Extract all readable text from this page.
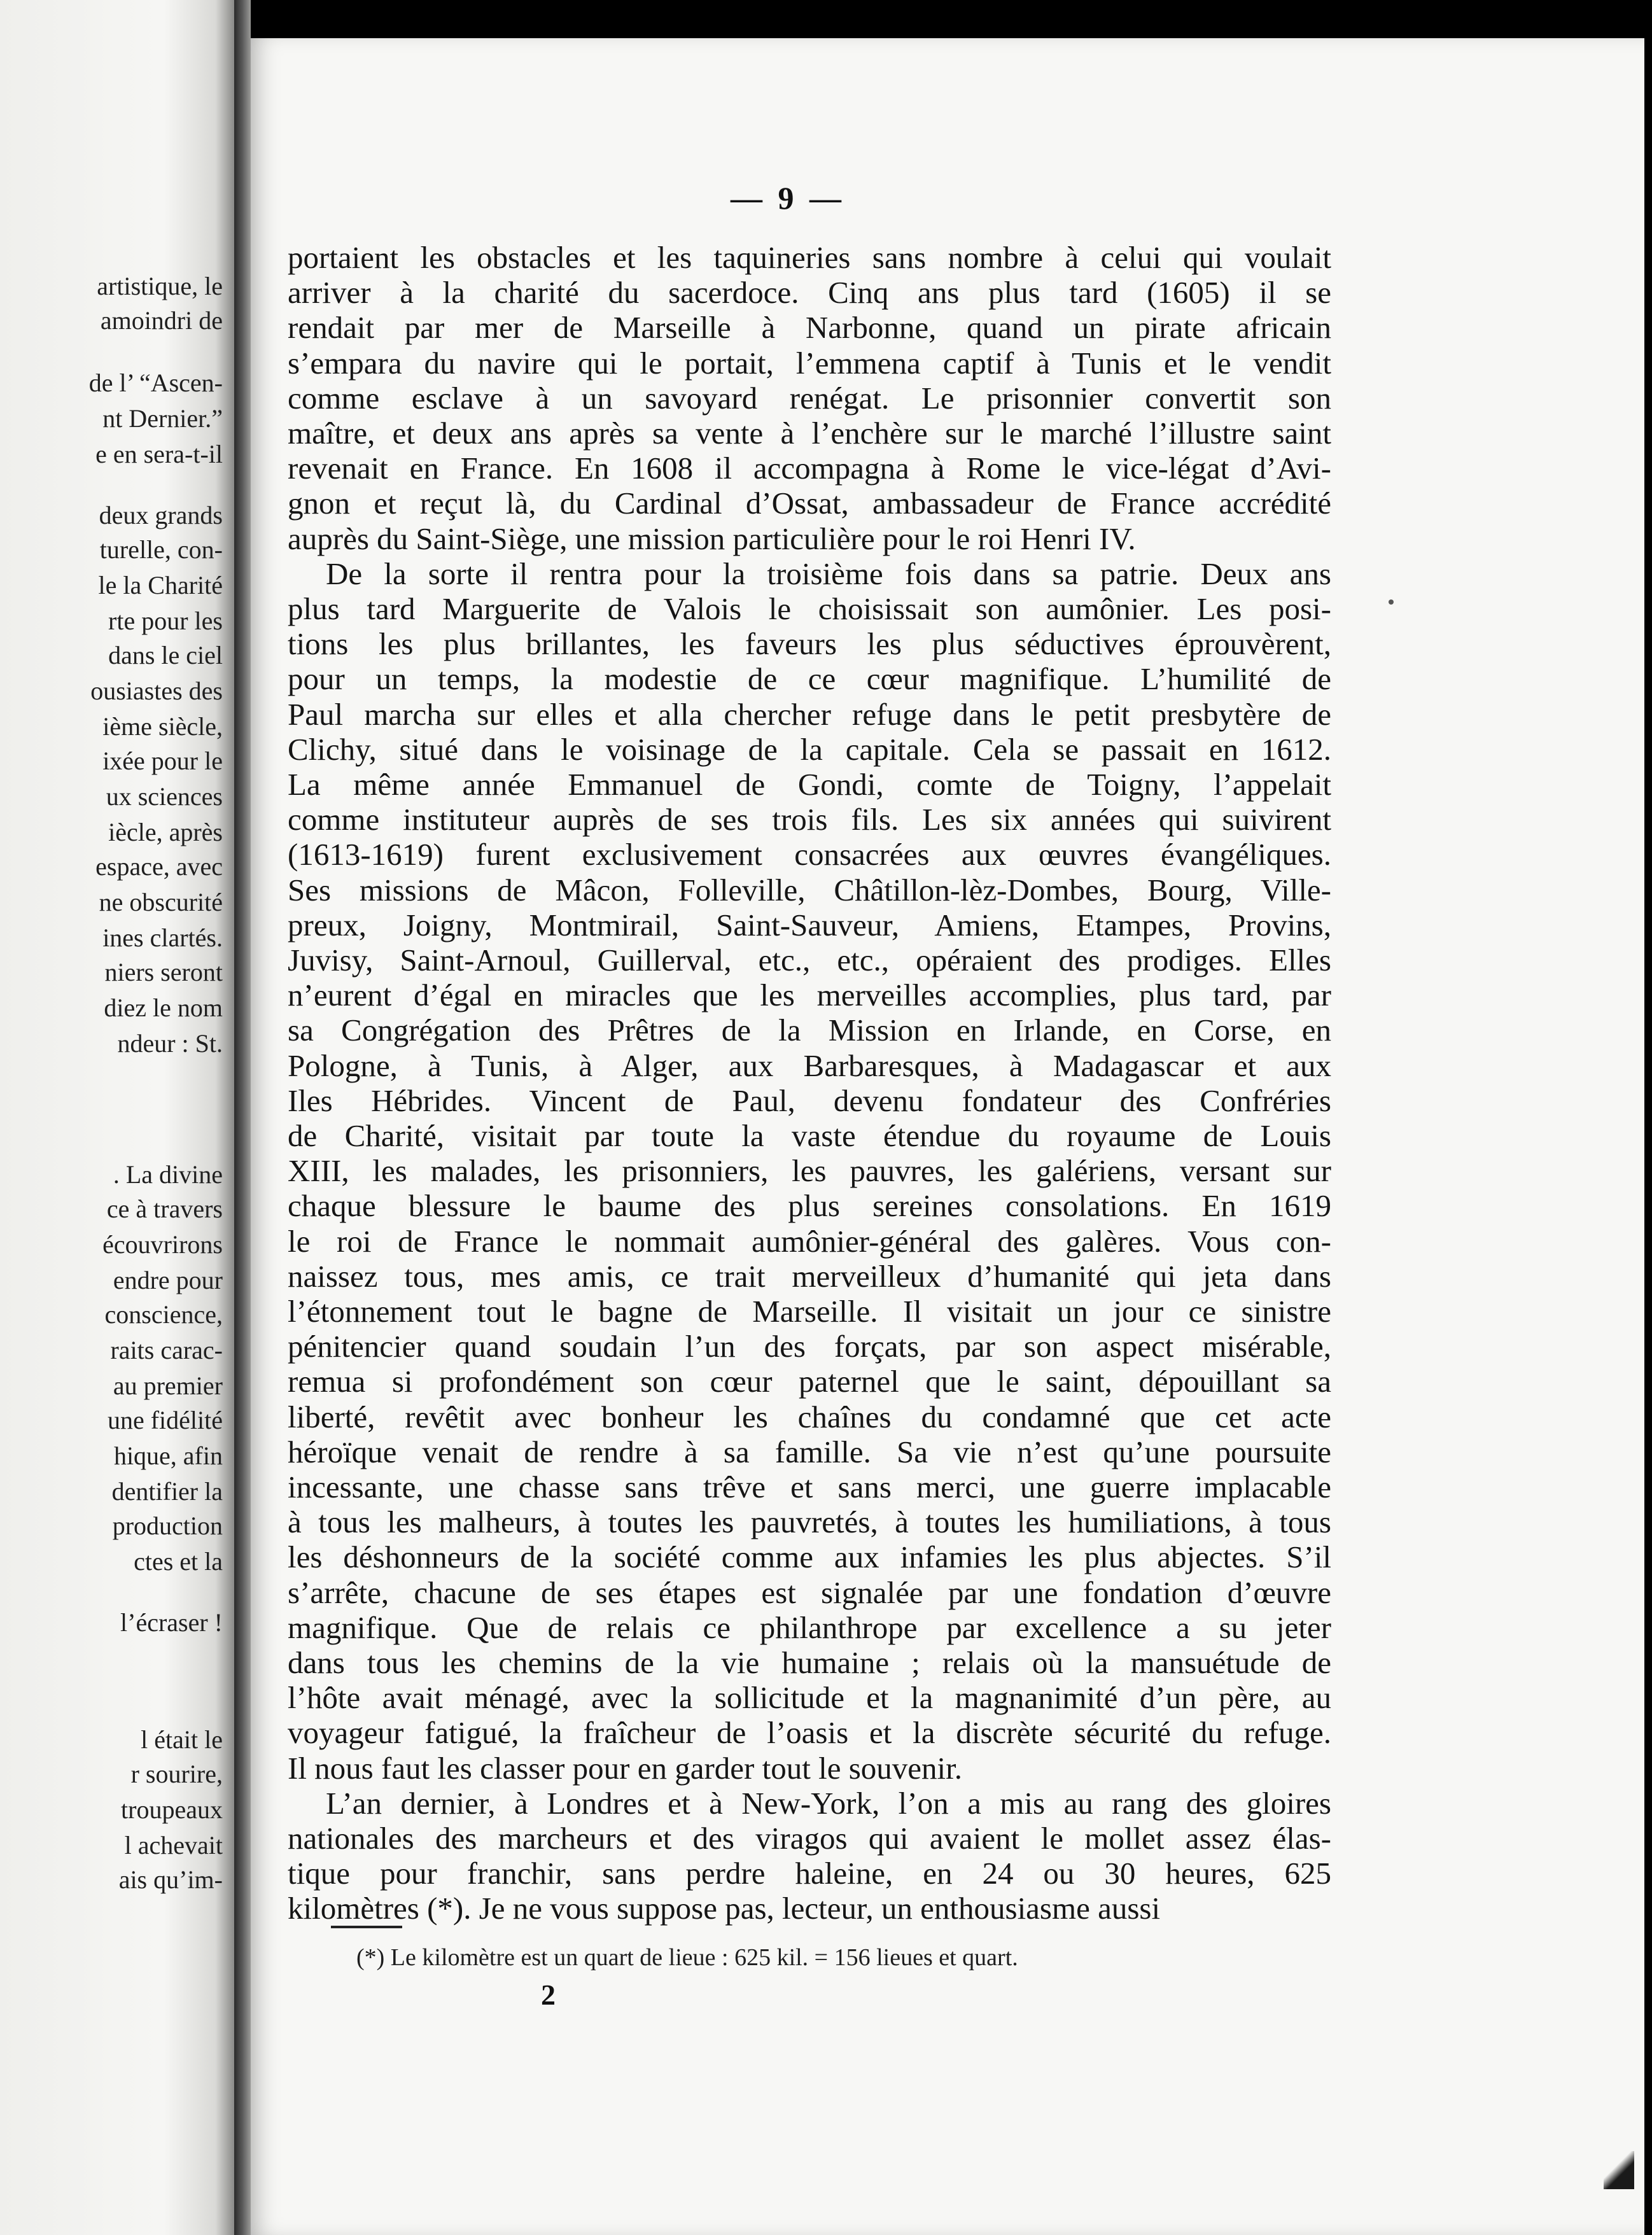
artistique, le
amoindri de
de l’ “Ascen-
nt Dernier.”
e en sera-t-il
deux grands
turelle, con-
le la Charité
rte pour les
dans le ciel
ousiastes des
ième siècle,
ixée pour le
ux sciences
iècle, après
espace, avec
ne obscurité
ines clartés.
niers seront
diez le nom
ndeur : St.
. La divine
ce à travers
écouvrirons
endre pour
conscience,
raits carac-
au premier
une fidélité
hique, afin
dentifier la
production
ctes et la
l’écraser !
l était le
r sourire,
troupeaux
l achevait
ais qu’im-
— 9 —
portaient les obstacles et les taquineries sans nombre à celui qui voulait
arriver à la charité du sacerdoce. Cinq ans plus tard (1605) il se
rendait par mer de Marseille à Narbonne, quand un pirate africain
s’empara du navire qui le portait, l’emmena captif à Tunis et le vendit
comme esclave à un savoyard renégat. Le prisonnier convertit son
maître, et deux ans après sa vente à l’enchère sur le marché l’illustre saint
revenait en France. En 1608 il accompagna à Rome le vice-légat d’Avi-
gnon et reçut là, du Cardinal d’Ossat, ambassadeur de France accrédité
auprès du Saint-Siège, une mission particulière pour le roi Henri IV.
De la sorte il rentra pour la troisième fois dans sa patrie. Deux ans
plus tard Marguerite de Valois le choisissait son aumônier. Les posi-
tions les plus brillantes, les faveurs les plus séductives éprouvèrent,
pour un temps, la modestie de ce cœur magnifique. L’humilité de
Paul marcha sur elles et alla chercher refuge dans le petit presbytère de
Clichy, situé dans le voisinage de la capitale. Cela se passait en 1612.
La même année Emmanuel de Gondi, comte de Toigny, l’appelait
comme instituteur auprès de ses trois fils. Les six années qui suivirent
(1613-1619) furent exclusivement consacrées aux œuvres évangéliques.
Ses missions de Mâcon, Folleville, Châtillon-lèz-Dombes, Bourg, Ville-
preux, Joigny, Montmirail, Saint-Sauveur, Amiens, Etampes, Provins,
Juvisy, Saint-Arnoul, Guillerval, etc., etc., opéraient des prodiges. Elles
n’eurent d’égal en miracles que les merveilles accomplies, plus tard, par
sa Congrégation des Prêtres de la Mission en Irlande, en Corse, en
Pologne, à Tunis, à Alger, aux Barbaresques, à Madagascar et aux
Iles Hébrides. Vincent de Paul, devenu fondateur des Confréries
de Charité, visitait par toute la vaste étendue du royaume de Louis
XIII, les malades, les prisonniers, les pauvres, les galériens, versant sur
chaque blessure le baume des plus sereines consolations. En 1619
le roi de France le nommait aumônier-général des galères. Vous con-
naissez tous, mes amis, ce trait merveilleux d’humanité qui jeta dans
l’étonnement tout le bagne de Marseille. Il visitait un jour ce sinistre
pénitencier quand soudain l’un des forçats, par son aspect misérable,
remua si profondément son cœur paternel que le saint, dépouillant sa
liberté, revêtit avec bonheur les chaînes du condamné que cet acte
héroïque venait de rendre à sa famille. Sa vie n’est qu’une poursuite
incessante, une chasse sans trêve et sans merci, une guerre implacable
à tous les malheurs, à toutes les pauvretés, à toutes les humiliations, à tous
les déshonneurs de la société comme aux infamies les plus abjectes. S’il
s’arrête, chacune de ses étapes est signalée par une fondation d’œuvre
magnifique. Que de relais ce philanthrope par excellence a su jeter
dans tous les chemins de la vie humaine ; relais où la mansuétude de
l’hôte avait ménagé, avec la sollicitude et la magnanimité d’un père, au
voyageur fatigué, la fraîcheur de l’oasis et la discrète sécurité du refuge.
Il nous faut les classer pour en garder tout le souvenir.
L’an dernier, à Londres et à New-York, l’on a mis au rang des gloires
nationales des marcheurs et des viragos qui avaient le mollet assez élas-
tique pour franchir, sans perdre haleine, en 24 ou 30 heures, 625
kilomètres (*). Je ne vous suppose pas, lecteur, un enthousiasme aussi
(*) Le kilomètre est un quart de lieue : 625 kil. = 156 lieues et quart.
2
